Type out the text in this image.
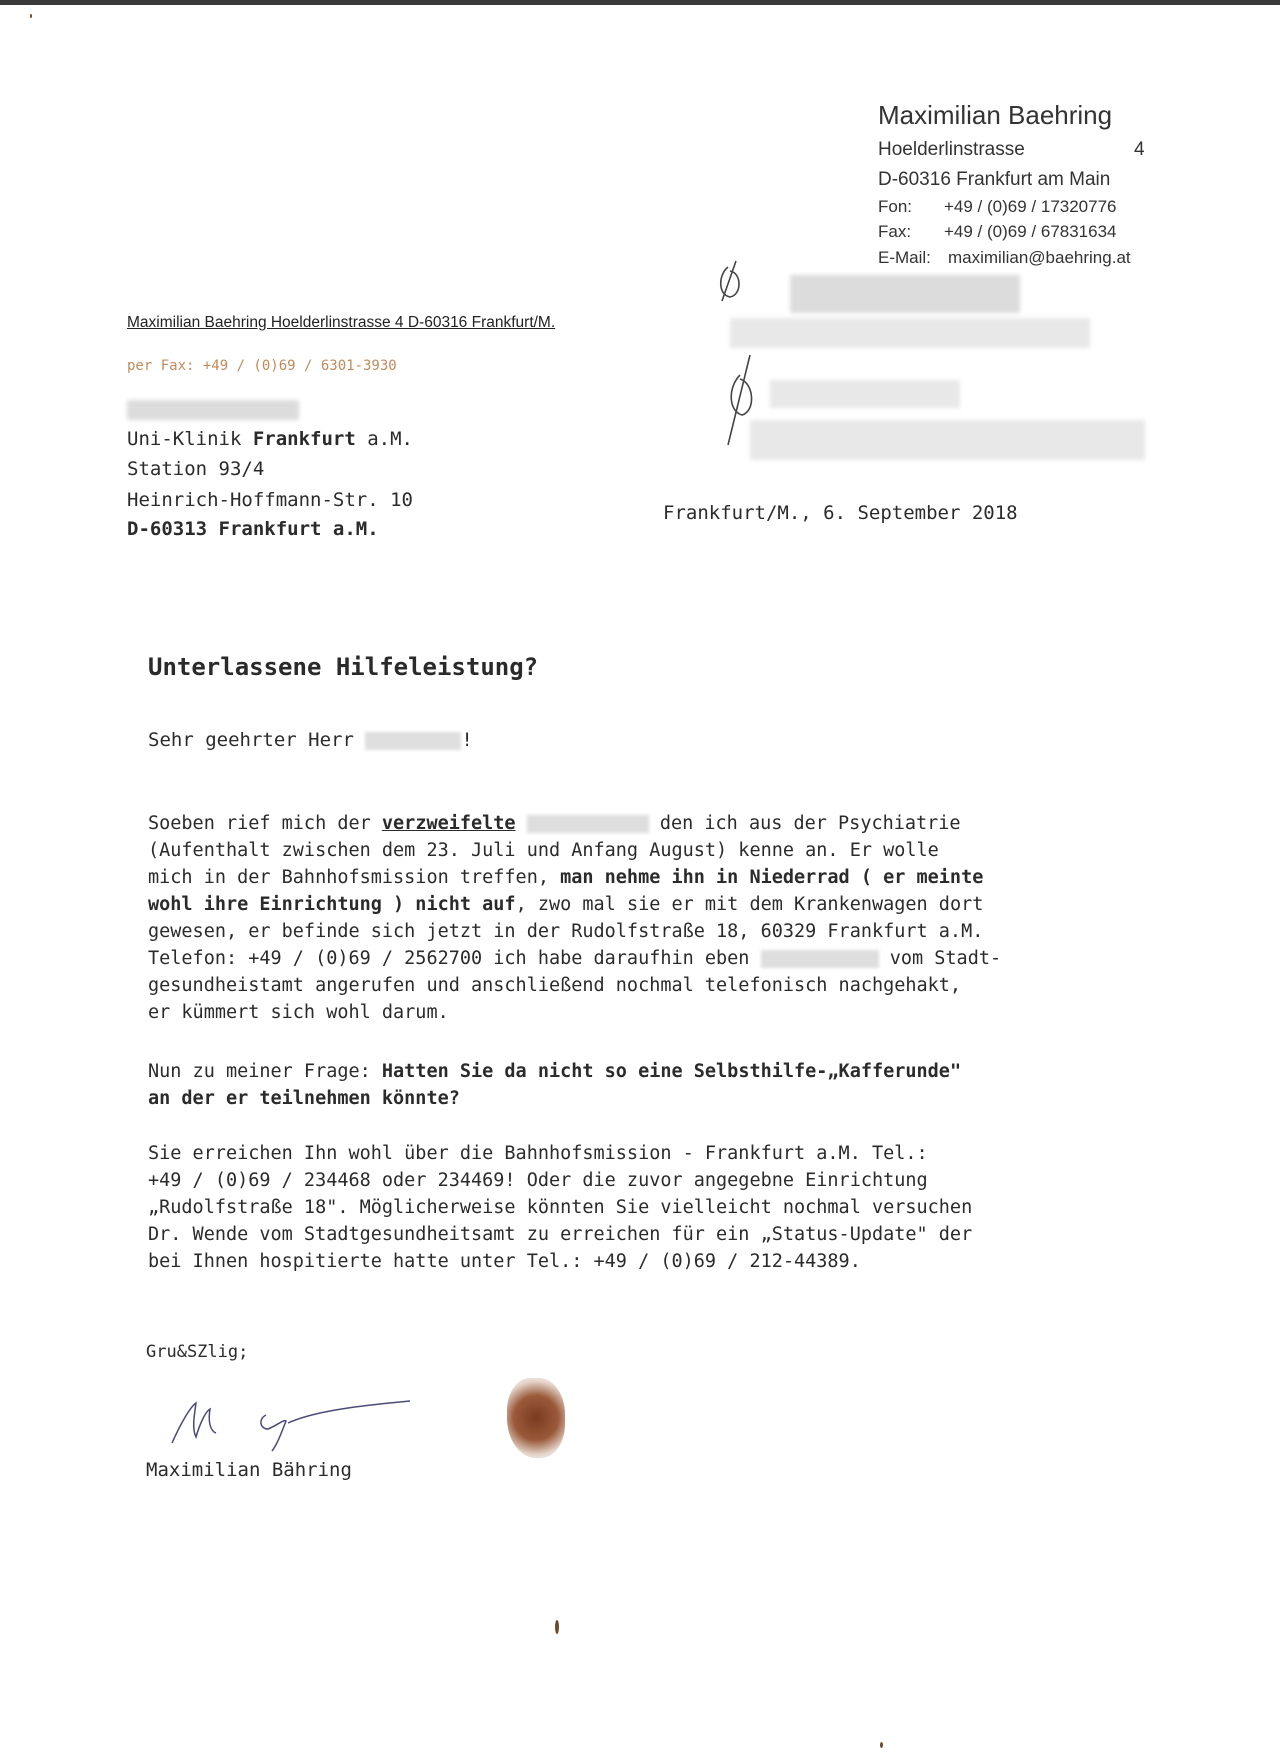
Maximilian Baehring
Hoelderlinstrasse	4
D-60316 Frankfurt am Main
Fon: +49 / (0)69 / 17320776
Fax: +49 / (0)69 / 67831634
E-Mail: maximilian@baehring.at
Maximilian Baehring Hoelderlinstrasse 4 D-60316 Frankfurt/M.
per Fax: +49 / (0)69 / 6301-3930
Uni-Klinik Frankfurt a.M.
Station 93/4
Heinrich-Hoffmann-Str. 10
D-60313 Frankfurt a.M.
Frankfurt/M., 6. September 2018
Unterlassene Hilfeleistung?
Sehr geehrter Herr	!
Soeben rief mich der verzweifelte	den ich aus der Psychiatrie
(Aufenthalt zwischen dem 23. Juli und Anfang August) kenne an. Er wolle
mich in der Bahnhofsmission treffen, man nehme ihn in Niederrad ( er meinte
wohl ihre Einrichtung ) nicht auf, zwo mal sie er mit dem Krankenwagen dort
gewesen, er befinde sich jetzt in der Rudolfstraße 18, 60329 Frankfurt a.M.
Telefon: +49 / (0)69 / 2562700 ich habe daraufhin eben	vom Stadt-
gesundheistamt angerufen und anschließend nochmal telefonisch nachgehakt,
er kümmert sich wohl darum.
Nun zu meiner Frage: Hatten Sie da nicht so eine Selbsthilfe-„Kafferunde"
an der er teilnehmen könnte?
Sie erreichen Ihn wohl über die Bahnhofsmission - Frankfurt a.M. Tel.:
+49 / (0)69 / 234468 oder 234469! Oder die zuvor angegebne Einrichtung
„Rudolfstraße 18". Möglicherweise könnten Sie vielleicht nochmal versuchen
Dr. Wende vom Stadtgesundheitsamt zu erreichen für ein „Status-Update" der
bei Ihnen hospitierte hatte unter Tel.: +49 / (0)69 / 212-44389.
Gru&SZlig;
Maximilian Bähring
